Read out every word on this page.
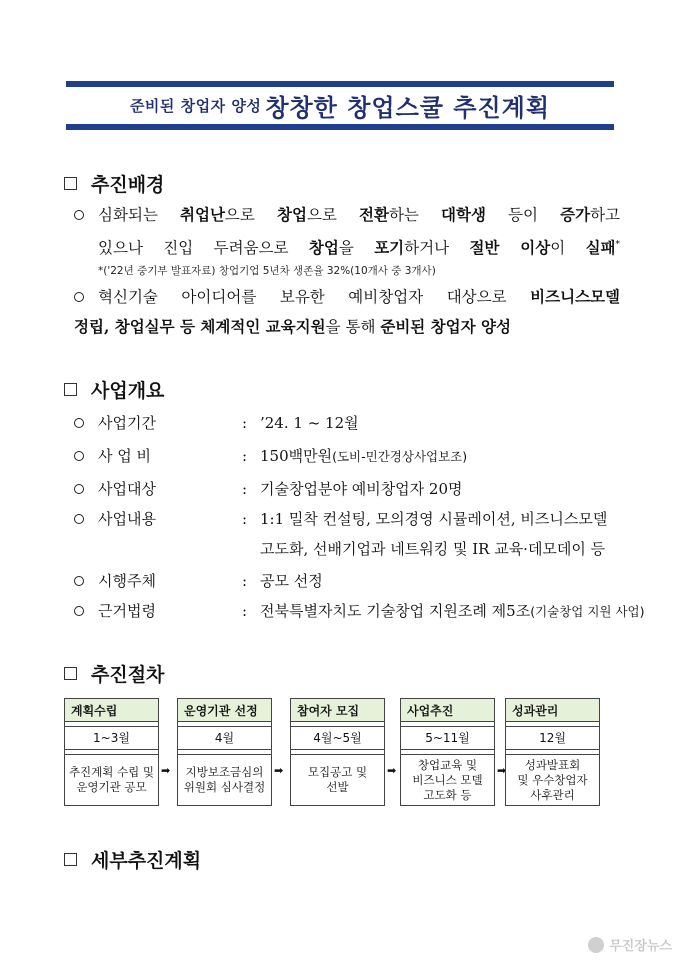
준비된 창업자 양성 창창한 창업스쿨 추진계획
추진배경
심화되는 취업난으로 창업으로 전환하는 대학생 등이 증가하고
있으나 진입 두려움으로 창업을 포기하거나 절반 이상이 실패*
*('22년 중기부 발표자료) 창업기업 5년차 생존율 32%(10개사 중 3개사)
혁신기술 아이디어를 보유한 예비창업자 대상으로 비즈니스모델
정립, 창업실무 등 체계적인 교육지원을 통해 준비된 창업자 양성
사업개요
사업기간	: ’24. 1 ~ 12월
사 업 비	: 150백만원(도비-민간경상사업보조)
사업대상	: 기술창업분야 예비창업자 20명
사업내용	: 1:1 밀착 컨설팅, 모의경영 시뮬레이션, 비즈니스모델
고도화, 선배기업과 네트워킹 및 IR 교육·데모데이 등
시행주체	: 공모 선정
근거법령	: 전북특별자치도 기술창업 지원조례 제5조(기술창업 지원 사업)
추진절차
계획수립
1~3월
추진계획 수립 및
운영기관 공모
➡
운영기관 선정
4월
지방보조금심의
위원회 심사결정
➡
참여자 모집
4월~5월
모집공고 및
선발
➡
사업추진
5~11월
창업교육 및
비즈니스 모델
고도화 등
➡
성과관리
12월
성과발표회
및 우수창업자
사후관리
세부추진계획
무진장뉴스
